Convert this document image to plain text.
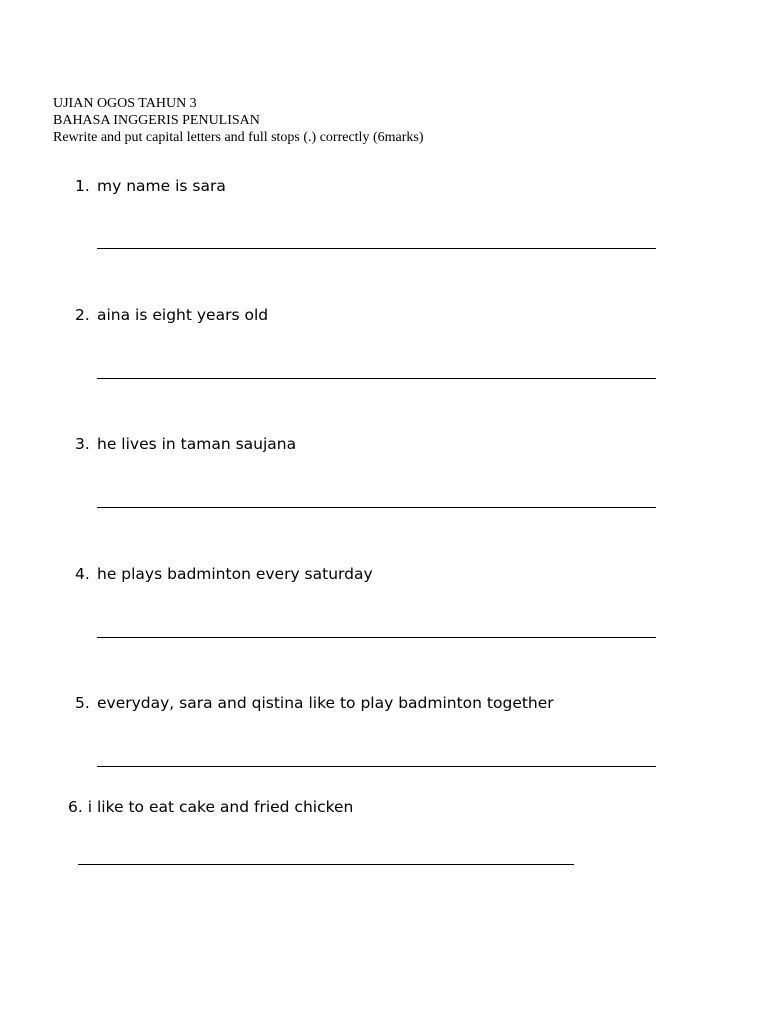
UJIAN OGOS TAHUN 3
BAHASA INGGERIS PENULISAN
Rewrite and put capital letters and full stops (.) correctly (6marks)
1. my name is sara
2. aina is eight years old
3. he lives in taman saujana
4. he plays badminton every saturday
5. everyday, sara and qistina like to play badminton together
6. i like to eat cake and fried chicken
